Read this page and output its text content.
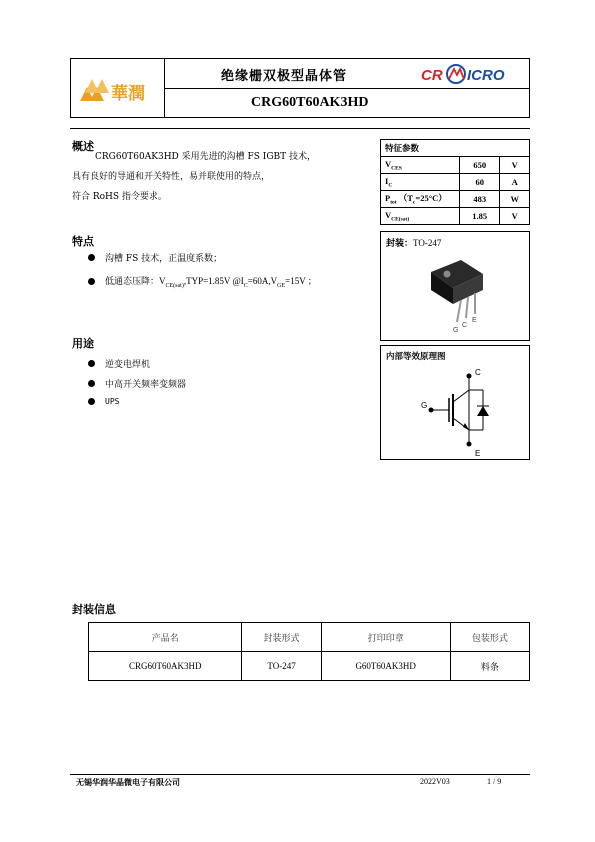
華潤
绝缘栅双极型晶体管
CRG60T60AK3HD
CR ICRO
概述
CRG60T60AK3HD 采用先进的沟槽 FS IGBT 技术，
具有良好的导通和开关特性，易并联使用的特点，
符合 RoHS 指令要求。
特点
沟槽 FS 技术，正温度系数；
低通态压降：$V_{CE(sat)},TYP=1.85V$ $@I_C=60A,V_{GE}=15V$ ；
用途
逆变电焊机
中高开关频率变频器
UPS
特征参数		
$V_{CES}$	650	V
$I_C$	60	A
$P_{tot}$ $(T_c=25^\circ C)$	483	W
$V_{CE(sat)}$	1.85	V
封装：TO-247
G
C
E
内部等效原理图
C
G
E
封装信息
产品名	封装形式	打印印章	包装形式
CRG60T60AK3HD	TO-247	G60T60AK3HD	料条
无锡华润华晶微电子有限公司	2022V03	1 / 9
